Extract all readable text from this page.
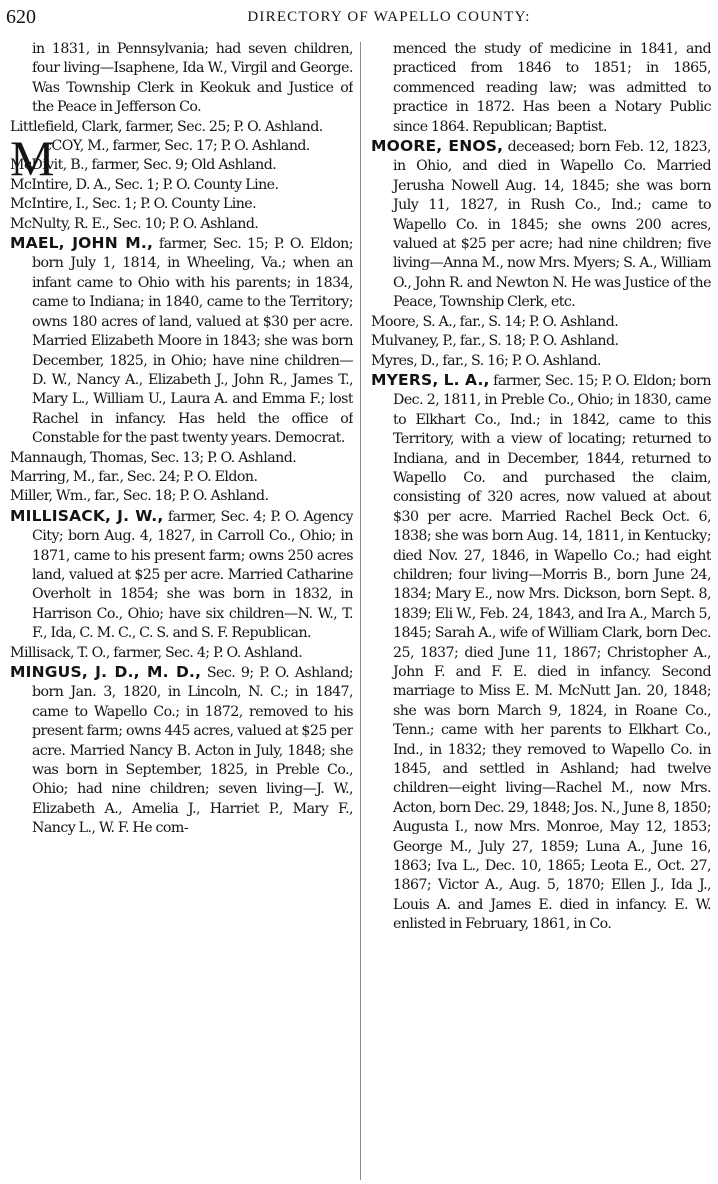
620	DIRECTORY OF WAPELLO COUNTY:

in 1831, in Pennsylvania; had seven children, four living—Isaphene, Ida W., Virgil and George. Was Township Clerk in Keokuk and Justice of the Peace in Jefferson Co.

Littlefield, Clark, farmer, Sec. 25; P. O. Ashland.

M
cCOY, M., farmer, Sec. 17; P. O. Ashland.

McDivit, B., farmer, Sec. 9; Old Ashland.

McIntire, D. A., Sec. 1; P. O. County Line.

McIntire, I., Sec. 1; P. O. County Line.

McNulty, R. E., Sec. 10; P. O. Ashland.

MAEL, JOHN M., farmer, Sec. 15; P. O. Eldon; born July 1, 1814, in Wheeling, Va.; when an infant came to Ohio with his parents; in 1834, came to Indiana; in 1840, came to the Territory; owns 180 acres of land, valued at $30 per acre. Married Elizabeth Moore in 1843; she was born December, 1825, in Ohio; have nine children—D. W., Nancy A., Elizabeth J., John R., James T., Mary L., William U., Laura A. and Emma F.; lost Rachel in infancy. Has held the office of Constable for the past twenty years. Democrat.

Mannaugh, Thomas, Sec. 13; P. O. Ashland.

Marring, M., far., Sec. 24; P. O. Eldon.

Miller, Wm., far., Sec. 18; P. O. Ashland.

MILLISACK, J. W., farmer, Sec. 4; P. O. Agency City; born Aug. 4, 1827, in Carroll Co., Ohio; in 1871, came to his present farm; owns 250 acres land, valued at $25 per acre. Married Catharine Overholt in 1854; she was born in 1832, in Harrison Co., Ohio; have six children—N. W., T. F., Ida, C. M. C., C. S. and S. F. Republican.

Millisack, T. O., farmer, Sec. 4; P. O. Ashland.

MINGUS, J. D., M. D., Sec. 9; P. O. Ashland; born Jan. 3, 1820, in Lincoln, N. C.; in 1847, came to Wapello Co.; in 1872, removed to his present farm; owns 445 acres, valued at $25 per acre. Married Nancy B. Acton in July, 1848; she was born in September, 1825, in Preble Co., Ohio; had nine children; seven living—J. W., Elizabeth A., Amelia J., Harriet P., Mary F., Nancy L., W. F. He com-

menced the study of medicine in 1841, and practiced from 1846 to 1851; in 1865, commenced reading law; was admitted to practice in 1872. Has been a Notary Public since 1864. Republican; Baptist.

MOORE, ENOS, deceased; born Feb. 12, 1823, in Ohio, and died in Wapello Co. Married Jerusha Nowell Aug. 14, 1845; she was born July 11, 1827, in Rush Co., Ind.; came to Wapello Co. in 1845; she owns 200 acres, valued at $25 per acre; had nine children; five living—Anna M., now Mrs. Myers; S. A., William O., John R. and Newton N. He was Justice of the Peace, Township Clerk, etc.

Moore, S. A., far., S. 14; P. O. Ashland.

Mulvaney, P., far., S. 18; P. O. Ashland.

Myres, D., far., S. 16; P. O. Ashland.

MYERS, L. A., farmer, Sec. 15; P. O. Eldon; born Dec. 2, 1811, in Preble Co., Ohio; in 1830, came to Elkhart Co., Ind.; in 1842, came to this Territory, with a view of locating; returned to Indiana, and in December, 1844, returned to Wapello Co. and purchased the claim, consisting of 320 acres, now valued at about $30 per acre. Married Rachel Beck Oct. 6, 1838; she was born Aug. 14, 1811, in Kentucky; died Nov. 27, 1846, in Wapello Co.; had eight children; four living—Morris B., born June 24, 1834; Mary E., now Mrs. Dickson, born Sept. 8, 1839; Eli W., Feb. 24, 1843, and Ira A., March 5, 1845; Sarah A., wife of William Clark, born Dec. 25, 1837; died June 11, 1867; Christopher A., John F. and F. E. died in infancy. Second marriage to Miss E. M. McNutt Jan. 20, 1848; she was born March 9, 1824, in Roane Co., Tenn.; came with her parents to Elkhart Co., Ind., in 1832; they removed to Wapello Co. in 1845, and settled in Ashland; had twelve children—eight living—Rachel M., now Mrs. Acton, born Dec. 29, 1848; Jos. N., June 8, 1850; Augusta I., now Mrs. Monroe, May 12, 1853; George M., July 27, 1859; Luna A., June 16, 1863; Iva L., Dec. 10, 1865; Leota E., Oct. 27, 1867; Victor A., Aug. 5, 1870; Ellen J., Ida J., Louis A. and James E. died in infancy. E. W. enlisted in February, 1861, in Co.
